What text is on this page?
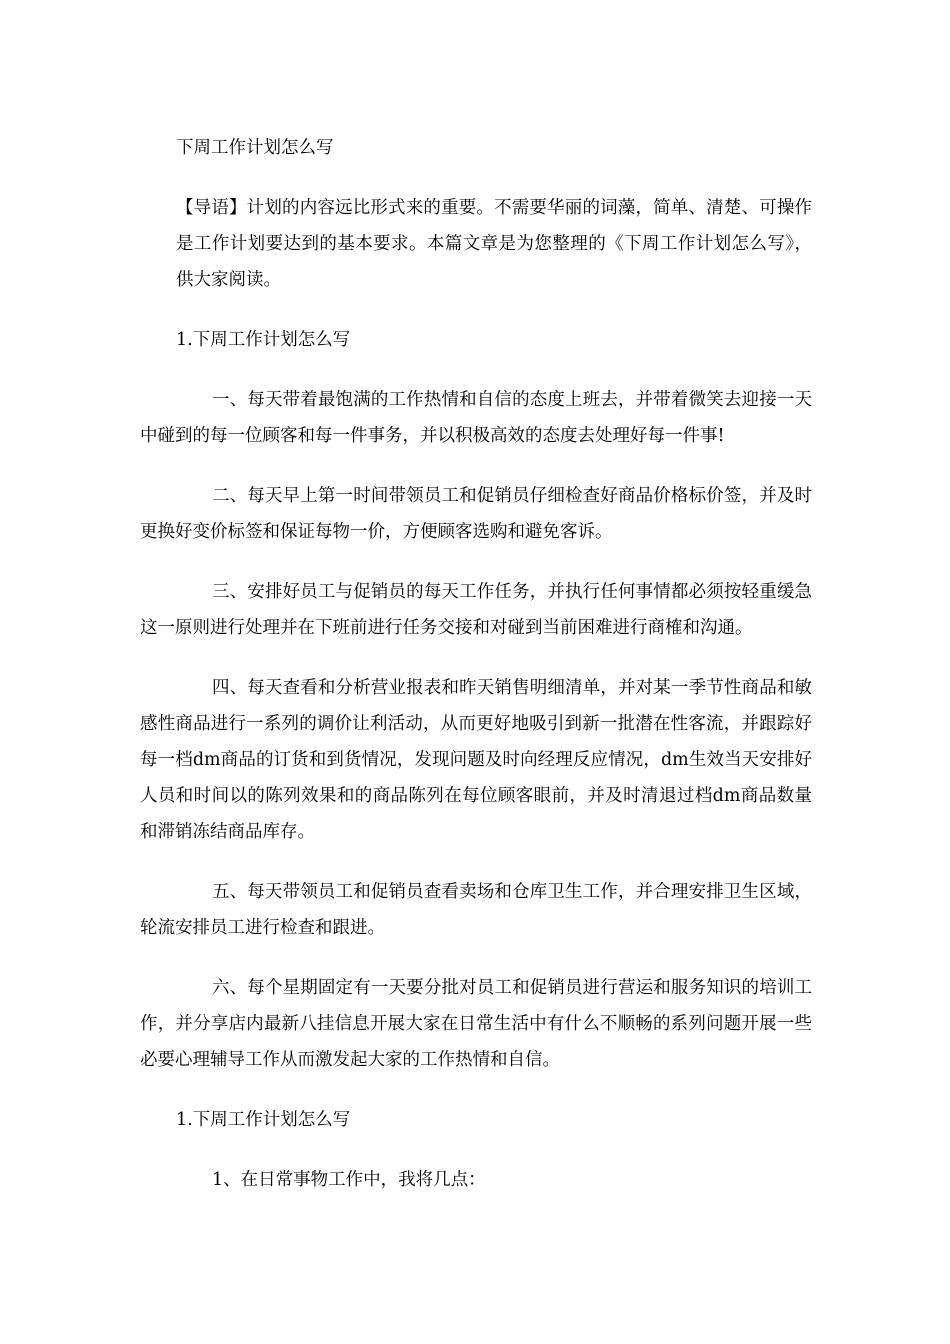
下周工作计划怎么写

【导语】计划的内容远比形式来的重要。不需要华丽的词藻，简单、清楚、可操作是工作计划要达到的基本要求。本篇文章是为您整理的《下周工作计划怎么写》，供大家阅读。

1.下周工作计划怎么写

一、每天带着最饱满的工作热情和自信的态度上班去，并带着微笑去迎接一天中碰到的每一位顾客和每一件事务，并以积极高效的态度去处理好每一件事!

二、每天早上第一时间带领员工和促销员仔细检查好商品价格标价签，并及时更换好变价标签和保证每物一价，方便顾客选购和避免客诉。

三、安排好员工与促销员的每天工作任务，并执行任何事情都必须按轻重缓急这一原则进行处理并在下班前进行任务交接和对碰到当前困难进行商榷和沟通。

四、每天查看和分析营业报表和昨天销售明细清单，并对某一季节性商品和敏感性商品进行一系列的调价让利活动，从而更好地吸引到新一批潜在性客流，并跟踪好每一档dm商品的订货和到货情况，发现问题及时向经理反应情况，dm生效当天安排好人员和时间以的陈列效果和的商品陈列在每位顾客眼前，并及时清退过档dm商品数量和滞销冻结商品库存。

五、每天带领员工和促销员查看卖场和仓库卫生工作，并合理安排卫生区域，轮流安排员工进行检查和跟进。

六、每个星期固定有一天要分批对员工和促销员进行营运和服务知识的培训工作，并分享店内最新八挂信息开展大家在日常生活中有什么不顺畅的系列问题开展一些必要心理辅导工作从而激发起大家的工作热情和自信。

1.下周工作计划怎么写

1、在日常事物工作中，我将几点：
